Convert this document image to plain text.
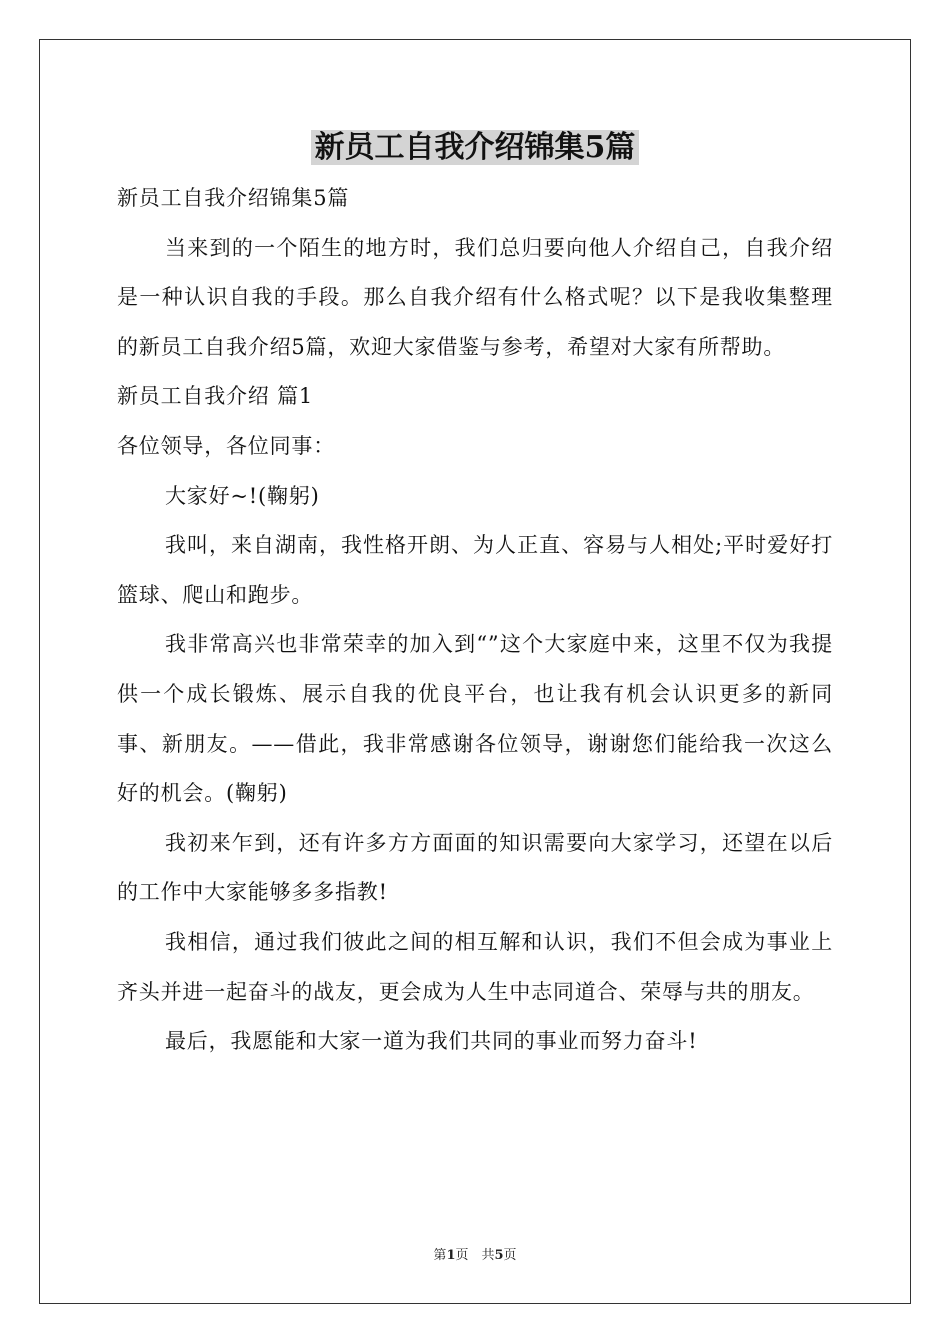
新员工自我介绍锦集5篇

新员工自我介绍锦集5篇

当来到的一个陌生的地方时，我们总归要向他人介绍自己，自我介绍是一种认识自我的手段。那么自我介绍有什么格式呢？以下是我收集整理的新员工自我介绍5篇，欢迎大家借鉴与参考，希望对大家有所帮助。

新员工自我介绍 篇1

各位领导，各位同事：

大家好~!(鞠躬)

我叫，来自湖南，我性格开朗、为人正直、容易与人相处;平时爱好打篮球、爬山和跑步。

我非常高兴也非常荣幸的加入到“”这个大家庭中来，这里不仅为我提供一个成长锻炼、展示自我的优良平台，也让我有机会认识更多的新同事、新朋友。——借此，我非常感谢各位领导，谢谢您们能给我一次这么好的机会。(鞠躬)

我初来乍到，还有许多方方面面的知识需要向大家学习，还望在以后的工作中大家能够多多指教!

我相信，通过我们彼此之间的相互解和认识，我们不但会成为事业上齐头并进一起奋斗的战友，更会成为人生中志同道合、荣辱与共的朋友。

最后，我愿能和大家一道为我们共同的事业而努力奋斗!

第1页　共5页
